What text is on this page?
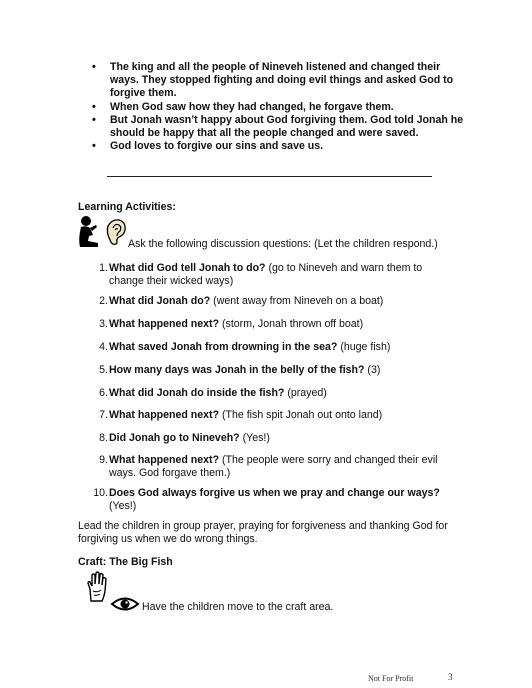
• The king and all the people of Nineveh listened and changed their ways. They stopped fighting and doing evil things and asked God to forgive them.
• When God saw how they had changed, he forgave them.
• But Jonah wasn’t happy about God forgiving them. God told Jonah he should be happy that all the people changed and were saved.
• God loves to forgive our sins and save us.
Learning Activities:
Ask the following discussion questions: (Let the children respond.)
1. What did God tell Jonah to do? (go to Nineveh and warn them to change their wicked ways)
2. What did Jonah do? (went away from Nineveh on a boat)
3. What happened next? (storm, Jonah thrown off boat)
4. What saved Jonah from drowning in the sea? (huge fish)
5. How many days was Jonah in the belly of the fish? (3)
6. What did Jonah do inside the fish? (prayed)
7. What happened next? (The fish spit Jonah out onto land)
8. Did Jonah go to Nineveh? (Yes!)
9. What happened next? (The people were sorry and changed their evil ways. God forgave them.)
10. Does God always forgive us when we pray and change our ways? (Yes!)
Lead the children in group prayer, praying for forgiveness and thanking God for forgiving us when we do wrong things.
Craft: The Big Fish
Have the children move to the craft area.
Not For Profit	3
